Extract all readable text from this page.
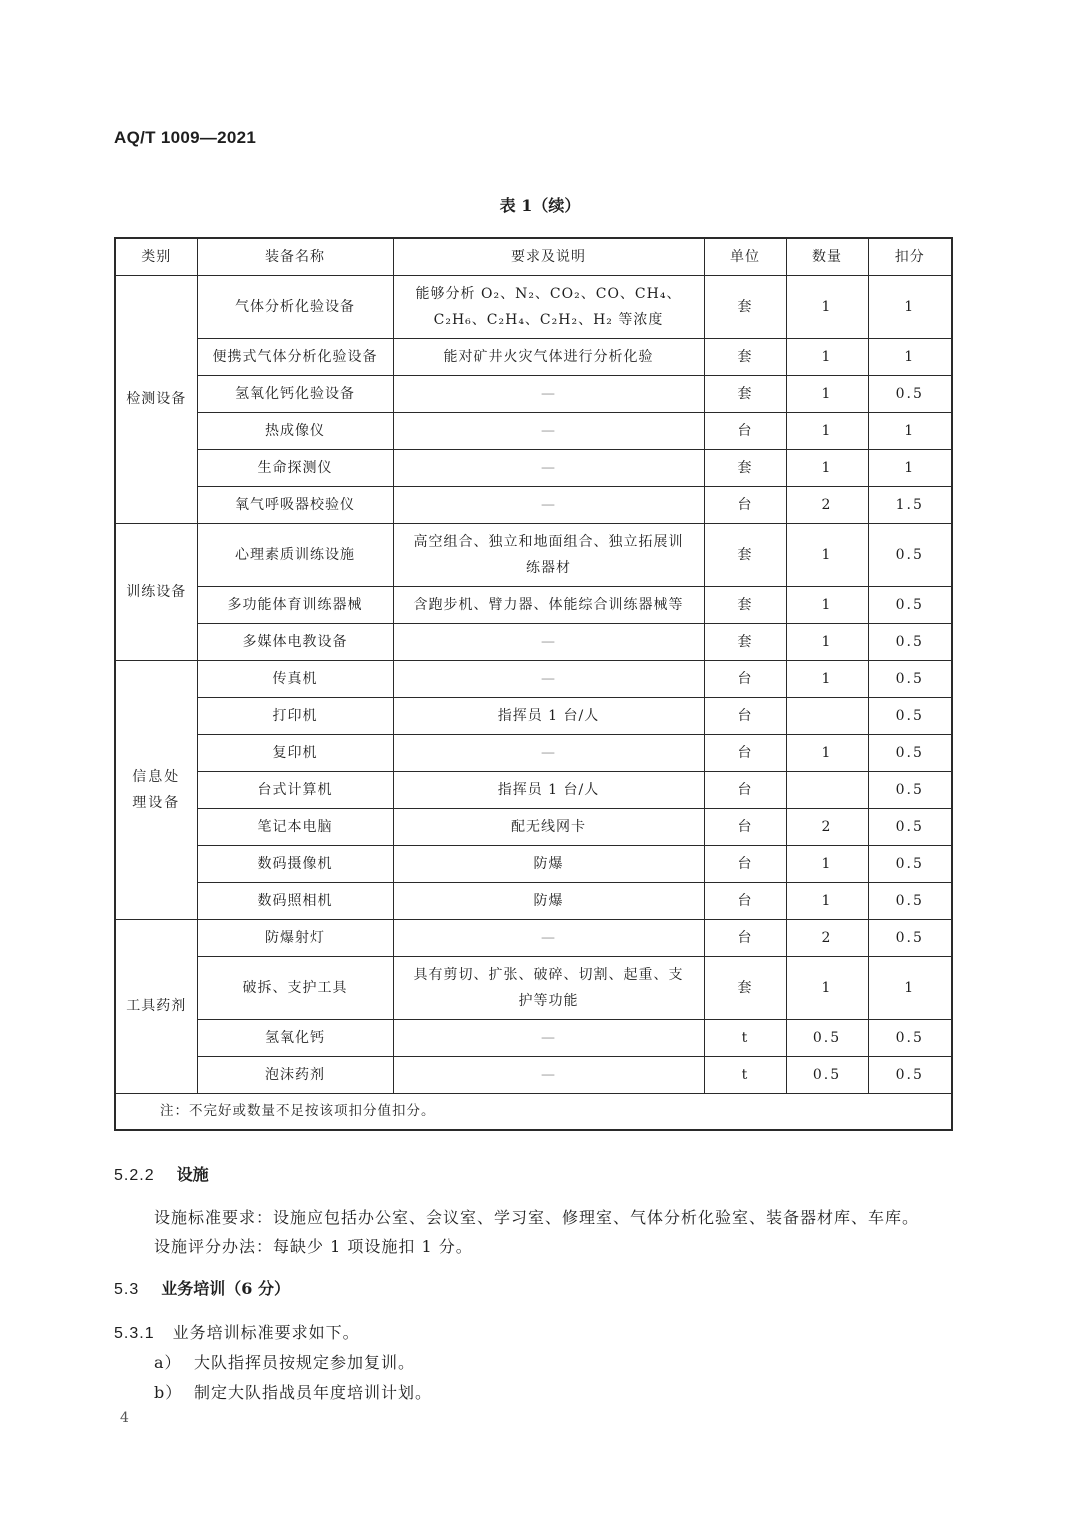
AQ/T 1009—2021
表 1（续）
类别	装备名称	要求及说明	单位	数量	扣分
检测设备	气体分析化验设备	能够分析 O₂、N₂、CO₂、CO、CH₄、C₂H₆、C₂H₄、C₂H₂、H₂ 等浓度	套	1	1
	便携式气体分析化验设备	能对矿井火灾气体进行分析化验	套	1	1
	氢氧化钙化验设备	—	套	1	0.5
	热成像仪	—	台	1	1
	生命探测仪	—	套	1	1
	氧气呼吸器校验仪	—	台	2	1.5
训练设备	心理素质训练设施	高空组合、独立和地面组合、独立拓展训练器材	套	1	0.5
	多功能体育训练器械	含跑步机、臂力器、体能综合训练器械等	套	1	0.5
	多媒体电教设备	—	套	1	0.5
信息处理设备	传真机	—	台	1	0.5
	打印机	指挥员 1 台/人	台		0.5
	复印机	—	台	1	0.5
	台式计算机	指挥员 1 台/人	台		0.5
	笔记本电脑	配无线网卡	台	2	0.5
	数码摄像机	防爆	台	1	0.5
	数码照相机	防爆	台	1	0.5
工具药剂	防爆射灯	—	台	2	0.5
	破拆、支护工具	具有剪切、扩张、破碎、切割、起重、支护等功能	套	1	1
	氢氧化钙	—	t	0.5	0.5
	泡沫药剂	—	t	0.5	0.5
注：不完好或数量不足按该项扣分值扣分。					
5.2.2 设施
设施标准要求：设施应包括办公室、会议室、学习室、修理室、气体分析化验室、装备器材库、车库。
设施评分办法：每缺少 1 项设施扣 1 分。
5.3 业务培训（6 分）
5.3.1 业务培训标准要求如下。
a） 大队指挥员按规定参加复训。
b） 制定大队指战员年度培训计划。
4
